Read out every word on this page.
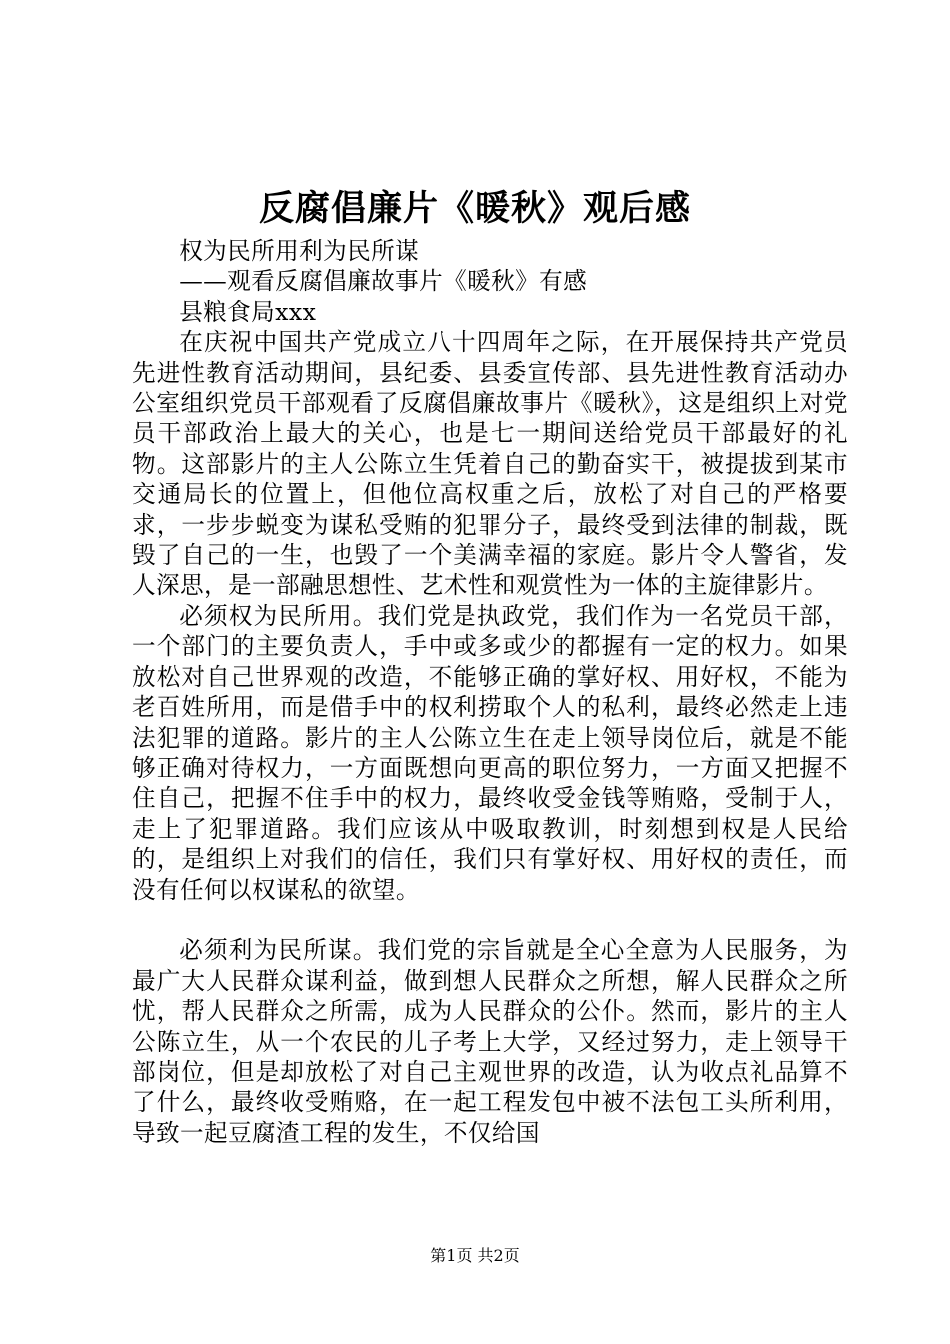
反腐倡廉片《暖秋》观后感

权为民所用利为民所谋

——观看反腐倡廉故事片《暖秋》有感

县粮食局xxx

在庆祝中国共产党成立八十四周年之际，在开展保持共产党员先进性教育活动期间，县纪委、县委宣传部、县先进性教育活动办公室组织党员干部观看了反腐倡廉故事片《暖秋》，这是组织上对党员干部政治上最大的关心，也是七一期间送给党员干部最好的礼物。这部影片的主人公陈立生凭着自己的勤奋实干，被提拔到某市交通局长的位置上，但他位高权重之后，放松了对自己的严格要求，一步步蜕变为谋私受贿的犯罪分子，最终受到法律的制裁，既毁了自己的一生，也毁了一个美满幸福的家庭。影片令人警省，发人深思，是一部融思想性、艺术性和观赏性为一体的主旋律影片。

必须权为民所用。我们党是执政党，我们作为一名党员干部，一个部门的主要负责人，手中或多或少的都握有一定的权力。如果放松对自己世界观的改造，不能够正确的掌好权、用好权，不能为老百姓所用，而是借手中的权利捞取个人的私利，最终必然走上违法犯罪的道路。影片的主人公陈立生在走上领导岗位后，就是不能够正确对待权力，一方面既想向更高的职位努力，一方面又把握不住自己，把握不住手中的权力，最终收受金钱等贿赂，受制于人，走上了犯罪道路。我们应该从中吸取教训，时刻想到权是人民给的，是组织上对我们的信任，我们只有掌好权、用好权的责任，而没有任何以权谋私的欲望。

必须利为民所谋。我们党的宗旨就是全心全意为人民服务，为最广大人民群众谋利益，做到想人民群众之所想，解人民群众之所忧，帮人民群众之所需，成为人民群众的公仆。然而，影片的主人公陈立生，从一个农民的儿子考上大学，又经过努力，走上领导干部岗位，但是却放松了对自己主观世界的改造，认为收点礼品算不了什么，最终收受贿赂，在一起工程发包中被不法包工头所利用，导致一起豆腐渣工程的发生，不仅给国

第1页 共2页
